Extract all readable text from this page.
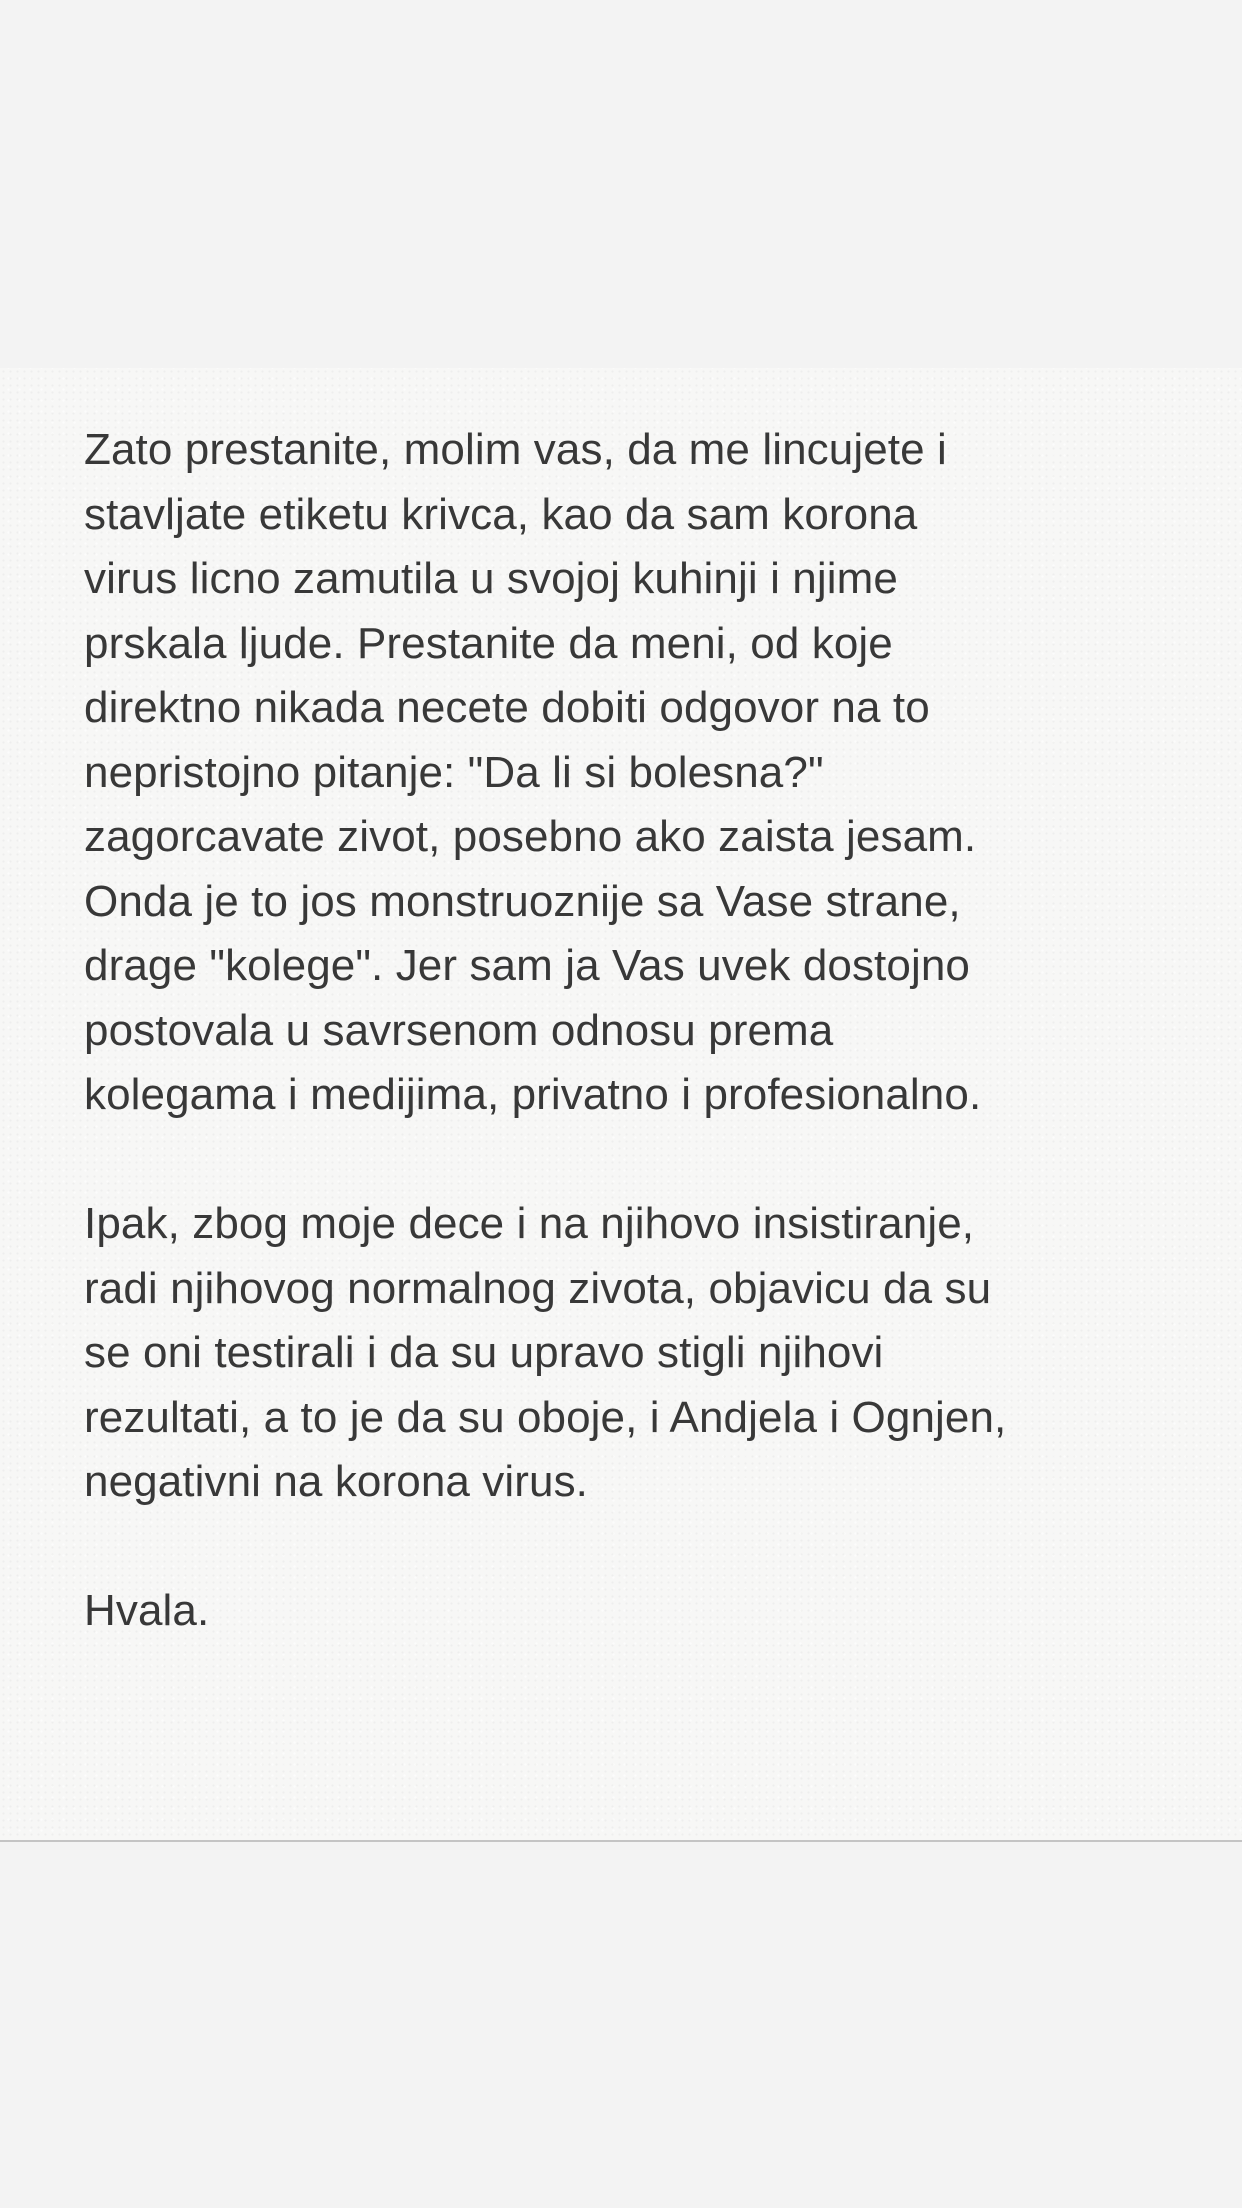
Zato prestanite, molim vas, da me lincujete i
stavljate etiketu krivca, kao da sam korona
virus licno zamutila u svojoj kuhinji i njime
prskala ljude. Prestanite da meni, od koje
direktno nikada necete dobiti odgovor na to
nepristojno pitanje: "Da li si bolesna?"
zagorcavate zivot, posebno ako zaista jesam.
Onda je to jos monstruoznije sa Vase strane,
drage "kolege". Jer sam ja Vas uvek dostojno
postovala u savrsenom odnosu prema
kolegama i medijima, privatno i profesionalno.
Ipak, zbog moje dece i na njihovo insistiranje,
radi njihovog normalnog zivota, objavicu da su
se oni testirali i da su upravo stigli njihovi
rezultati, a to je da su oboje, i Andjela i Ognjen,
negativni na korona virus.
Hvala.
